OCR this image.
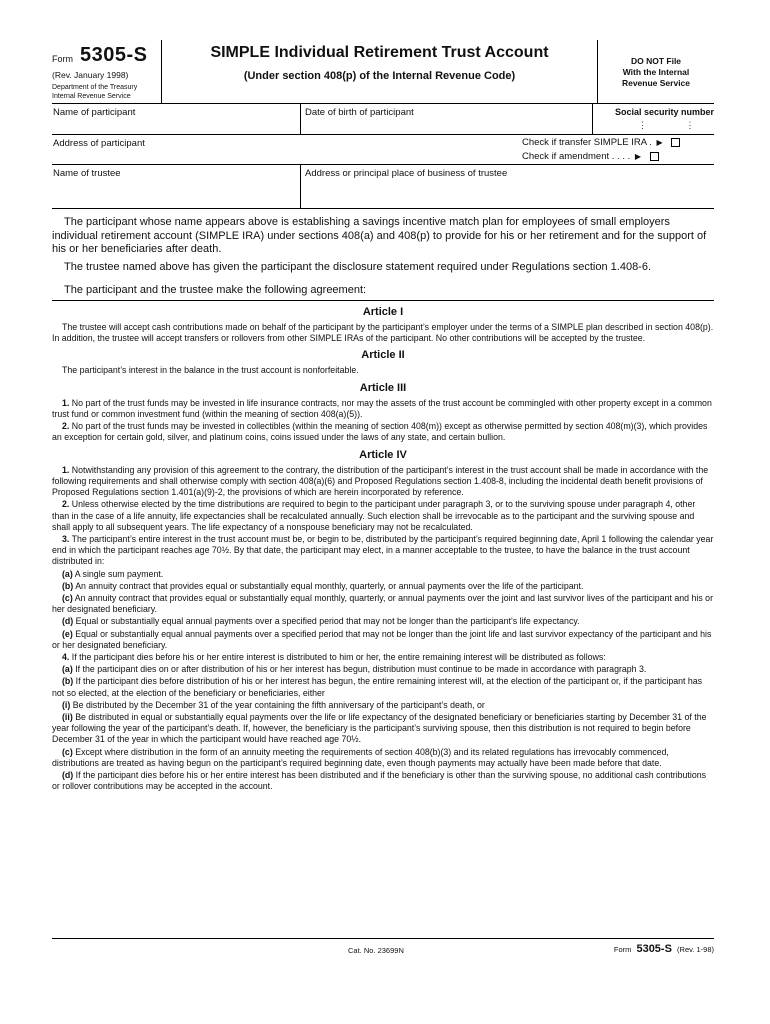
Form 5305-S
(Rev. January 1998)
Department of the Treasury
Internal Revenue Service
SIMPLE Individual Retirement Trust Account
(Under section 408(p) of the Internal Revenue Code)
DO NOT File
With the Internal
Revenue Service
Name of participant	Date of birth of participant	Social security number
⋮ ⋮
Address of participant	Check if transfer SIMPLE IRA . ▶
Check if amendment . . . . ▶
Name of trustee	Address or principal place of business of trustee

The participant whose name appears above is establishing a savings incentive match plan for employees of small employers individual retirement account (SIMPLE IRA) under sections 408(a) and 408(p) to provide for his or her retirement and for the support of his or her beneficiaries after death.

The trustee named above has given the participant the disclosure statement required under Regulations section 1.408-6.

The participant and the trustee make the following agreement:

Article I

The trustee will accept cash contributions made on behalf of the participant by the participant’s employer under the terms of a SIMPLE plan described in section 408(p). In addition, the trustee will accept transfers or rollovers from other SIMPLE IRAs of the participant. No other contributions will be accepted by the trustee.

Article II

The participant’s interest in the balance in the trust account is nonforfeitable.

Article III

1. No part of the trust funds may be invested in life insurance contracts, nor may the assets of the trust account be commingled with other property except in a common trust fund or common investment fund (within the meaning of section 408(a)(5)).

2. No part of the trust funds may be invested in collectibles (within the meaning of section 408(m)) except as otherwise permitted by section 408(m)(3), which provides an exception for certain gold, silver, and platinum coins, coins issued under the laws of any state, and certain bullion.

Article IV

1. Notwithstanding any provision of this agreement to the contrary, the distribution of the participant’s interest in the trust account shall be made in accordance with the following requirements and shall otherwise comply with section 408(a)(6) and Proposed Regulations section 1.408-8, including the incidental death benefit provisions of Proposed Regulations section 1.401(a)(9)-2, the provisions of which are herein incorporated by reference.

2. Unless otherwise elected by the time distributions are required to begin to the participant under paragraph 3, or to the surviving spouse under paragraph 4, other than in the case of a life annuity, life expectancies shall be recalculated annually. Such election shall be irrevocable as to the participant and the surviving spouse and shall apply to all subsequent years. The life expectancy of a nonspouse beneficiary may not be recalculated.

3. The participant’s entire interest in the trust account must be, or begin to be, distributed by the participant’s required beginning date, April 1 following the calendar year end in which the participant reaches age 70½. By that date, the participant may elect, in a manner acceptable to the trustee, to have the balance in the trust account distributed in:

(a) A single sum payment.

(b) An annuity contract that provides equal or substantially equal monthly, quarterly, or annual payments over the life of the participant.

(c) An annuity contract that provides equal or substantially equal monthly, quarterly, or annual payments over the joint and last survivor lives of the participant and his or her designated beneficiary.

(d) Equal or substantially equal annual payments over a specified period that may not be longer than the participant’s life expectancy.

(e) Equal or substantially equal annual payments over a specified period that may not be longer than the joint life and last survivor expectancy of the participant and his or her designated beneficiary.

4. If the participant dies before his or her entire interest is distributed to him or her, the entire remaining interest will be distributed as follows:

(a) If the participant dies on or after distribution of his or her interest has begun, distribution must continue to be made in accordance with paragraph 3.

(b) If the participant dies before distribution of his or her interest has begun, the entire remaining interest will, at the election of the participant or, if the participant has not so elected, at the election of the beneficiary or beneficiaries, either

(i) Be distributed by the December 31 of the year containing the fifth anniversary of the participant’s death, or

(ii) Be distributed in equal or substantially equal payments over the life or life expectancy of the designated beneficiary or beneficiaries starting by December 31 of the year following the year of the participant’s death. If, however, the beneficiary is the participant’s surviving spouse, then this distribution is not required to begin before December 31 of the year in which the participant would have reached age 70½.

(c) Except where distribution in the form of an annuity meeting the requirements of section 408(b)(3) and its related regulations has irrevocably commenced, distributions are treated as having begun on the participant’s required beginning date, even though payments may actually have been made before that date.

(d) If the participant dies before his or her entire interest has been distributed and if the beneficiary is other than the surviving spouse, no additional cash contributions or rollover contributions may be accepted in the account.

Cat. No. 23699N	Form 5305-S (Rev. 1-98)
